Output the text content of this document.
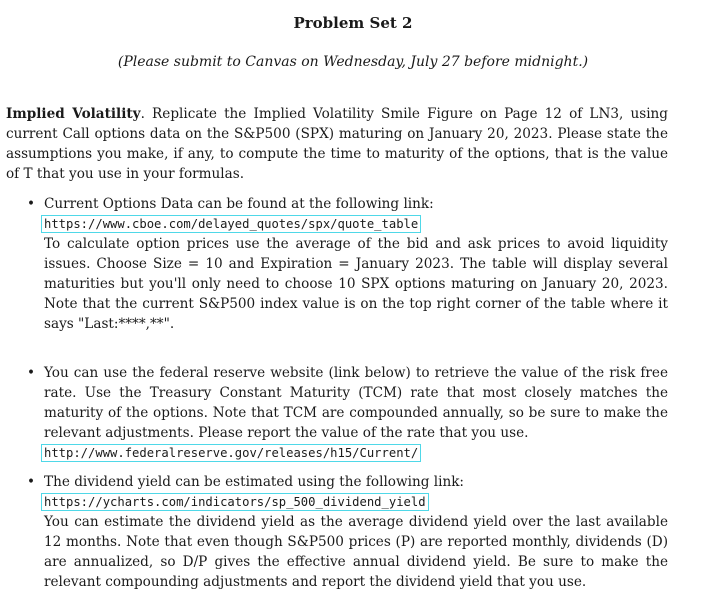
Problem Set 2
(Please submit to Canvas on Wednesday, July 27 before midnight.)
Implied Volatility. Replicate the Implied Volatility Smile Figure on Page 12 of LN3, using current Call options data on the S&P500 (SPX) maturing on January 20, 2023. Please state the assumptions you make, if any, to compute the time to maturity of the options, that is the value of T that you use in your formulas.
• Current Options Data can be found at the following link:
https://www.cboe.com/delayed_quotes/spx/quote_table
To calculate option prices use the average of the bid and ask prices to avoid liquidity issues. Choose Size = 10 and Expiration = January 2023. The table will display several maturities but you'll only need to choose 10 SPX options maturing on January 20, 2023. Note that the current S&P500 index value is on the top right corner of the table where it says "Last:****,**".
• You can use the federal reserve website (link below) to retrieve the value of the risk free rate. Use the Treasury Constant Maturity (TCM) rate that most closely matches the maturity of the options. Note that TCM are compounded annually, so be sure to make the relevant adjustments. Please report the value of the rate that you use.
http://www.federalreserve.gov/releases/h15/Current/
• The dividend yield can be estimated using the following link:
https://ycharts.com/indicators/sp_500_dividend_yield
You can estimate the dividend yield as the average dividend yield over the last available 12 months. Note that even though S&P500 prices (P) are reported monthly, dividends (D) are annualized, so D/P gives the effective annual dividend yield. Be sure to make the relevant compounding adjustments and report the dividend yield that you use.
